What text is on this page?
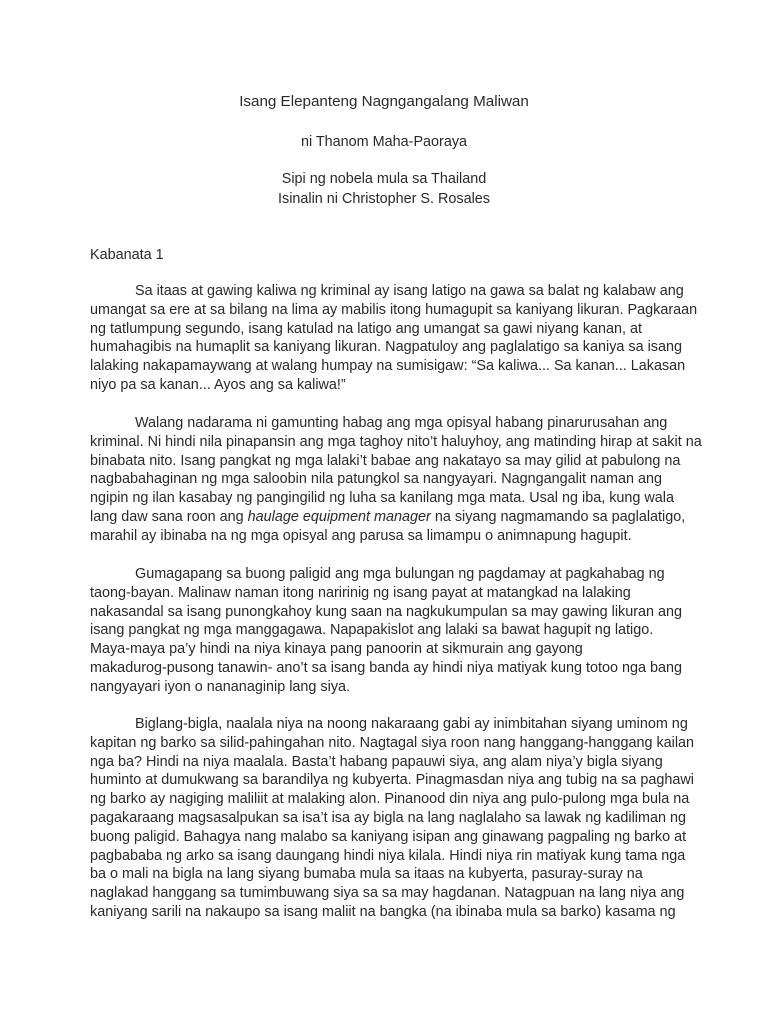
Isang Elepanteng Nagngangalang Maliwan
ni Thanom Maha-Paoraya
Sipi ng nobela mula sa Thailand
Isinalin ni Christopher S. Rosales
Kabanata 1
Sa itaas at gawing kaliwa ng kriminal ay isang latigo na gawa sa balat ng kalabaw ang
umangat sa ere at sa bilang na lima ay mabilis itong humagupit sa kaniyang likuran. Pagkaraan
ng tatlumpung segundo, isang katulad na latigo ang umangat sa gawi niyang kanan, at
humahagibis na humaplit sa kaniyang likuran. Nagpatuloy ang paglalatigo sa kaniya sa isang
lalaking nakapamaywang at walang humpay na sumisigaw: “Sa kaliwa... Sa kanan... Lakasan
niyo pa sa kanan... Ayos ang sa kaliwa!”
Walang nadarama ni gamunting habag ang mga opisyal habang pinarurusahan ang
kriminal. Ni hindi nila pinapansin ang mga taghoy nito’t haluyhoy, ang matinding hirap at sakit na
binabata nito. Isang pangkat ng mga lalaki’t babae ang nakatayo sa may gilid at pabulong na
nagbabahaginan ng mga saloobin nila patungkol sa nangyayari. Nagngangalit naman ang
ngipin ng ilan kasabay ng pangingilid ng luha sa kanilang mga mata. Usal ng iba, kung wala
lang daw sana roon ang haulage equipment manager na siyang nagmamando sa paglalatigo,
marahil ay ibinaba na ng mga opisyal ang parusa sa limampu o animnapung hagupit.
Gumagapang sa buong paligid ang mga bulungan ng pagdamay at pagkahabag ng
taong-bayan. Malinaw naman itong naririnig ng isang payat at matangkad na lalaking
nakasandal sa isang punongkahoy kung saan na nagkukumpulan sa may gawing likuran ang
isang pangkat ng mga manggagawa. Napapakislot ang lalaki sa bawat hagupit ng latigo.
Maya-maya pa’y hindi na niya kinaya pang panoorin at sikmurain ang gayong
makadurog-pusong tanawin- ano’t sa isang banda ay hindi niya matiyak kung totoo nga bang
nangyayari iyon o nananaginip lang siya.
Biglang-bigla, naalala niya na noong nakaraang gabi ay inimbitahan siyang uminom ng
kapitan ng barko sa silid-pahingahan nito. Nagtagal siya roon nang hanggang-hanggang kailan
nga ba? Hindi na niya maalala. Basta’t habang papauwi siya, ang alam niya’y bigla siyang
huminto at dumukwang sa barandilya ng kubyerta. Pinagmasdan niya ang tubig na sa paghawi
ng barko ay nagiging maliliit at malaking alon. Pinanood din niya ang pulo-pulong mga bula na
pagakaraang magsasalpukan sa isa’t isa ay bigla na lang naglalaho sa lawak ng kadiliman ng
buong paligid. Bahagya nang malabo sa kaniyang isipan ang ginawang pagpaling ng barko at
pagbababa ng arko sa isang daungang hindi niya kilala. Hindi niya rin matiyak kung tama nga
ba o mali na bigla na lang siyang bumaba mula sa itaas na kubyerta, pasuray-suray na
naglakad hanggang sa tumimbuwang siya sa sa may hagdanan. Natagpuan na lang niya ang
kaniyang sarili na nakaupo sa isang maliit na bangka (na ibinaba mula sa barko) kasama ng
